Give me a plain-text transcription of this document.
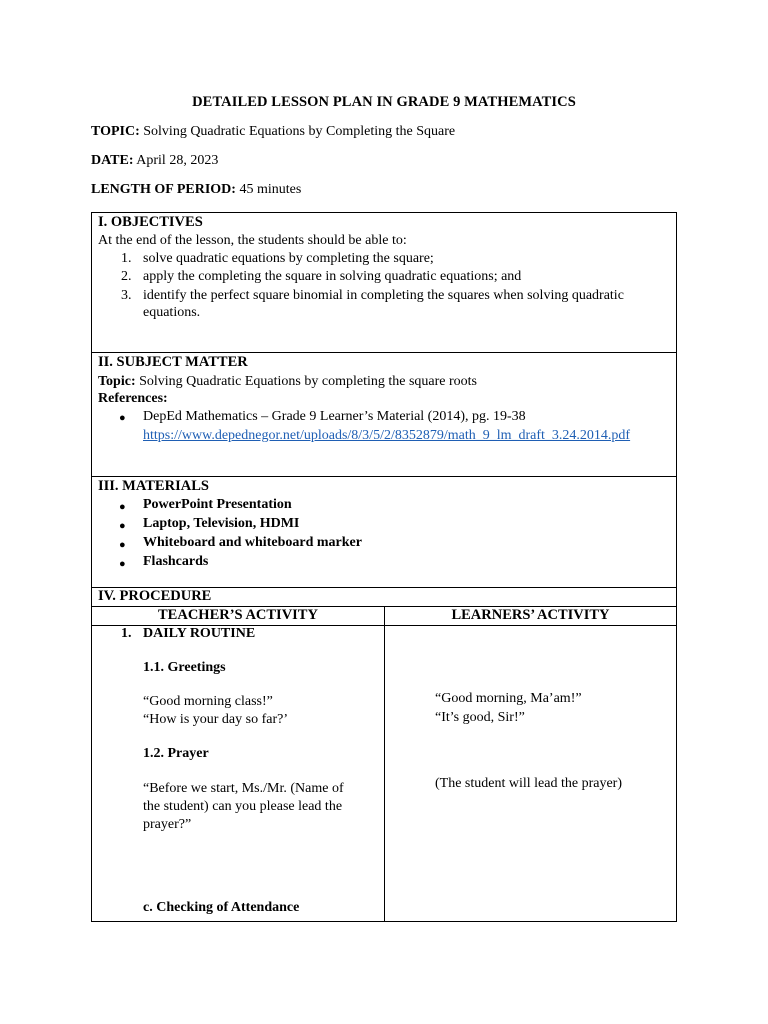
DETAILED LESSON PLAN IN GRADE 9 MATHEMATICS
TOPIC: Solving Quadratic Equations by Completing the Square
DATE: April 28, 2023
LENGTH OF PERIOD: 45 minutes
I. OBJECTIVES
At the end of the lesson, the students should be able to:
1. solve quadratic equations by completing the square;
2. apply the completing the square in solving quadratic equations; and
3. identify the perfect square binomial in completing the squares when solving quadratic
equations.
II. SUBJECT MATTER
Topic: Solving Quadratic Equations by completing the square roots
References:
● DepEd Mathematics – Grade 9 Learner’s Material (2014), pg. 19-38
https://www.depednegor.net/uploads/8/3/5/2/8352879/math_9_lm_draft_3.24.2014.pdf
III. MATERIALS
● PowerPoint Presentation
● Laptop, Television, HDMI
● Whiteboard and whiteboard marker
● Flashcards
IV. PROCEDURE
TEACHER’S ACTIVITY	LEARNERS’ ACTIVITY
1. DAILY ROUTINE
1.1. Greetings
“Good morning class!”
“How is your day so far?’
1.2. Prayer
“Before we start, Ms./Mr. (Name of
the student) can you please lead the
prayer?”
c. Checking of Attendance
“Good morning, Ma’am!”
“It’s good, Sir!”
(The student will lead the prayer)
